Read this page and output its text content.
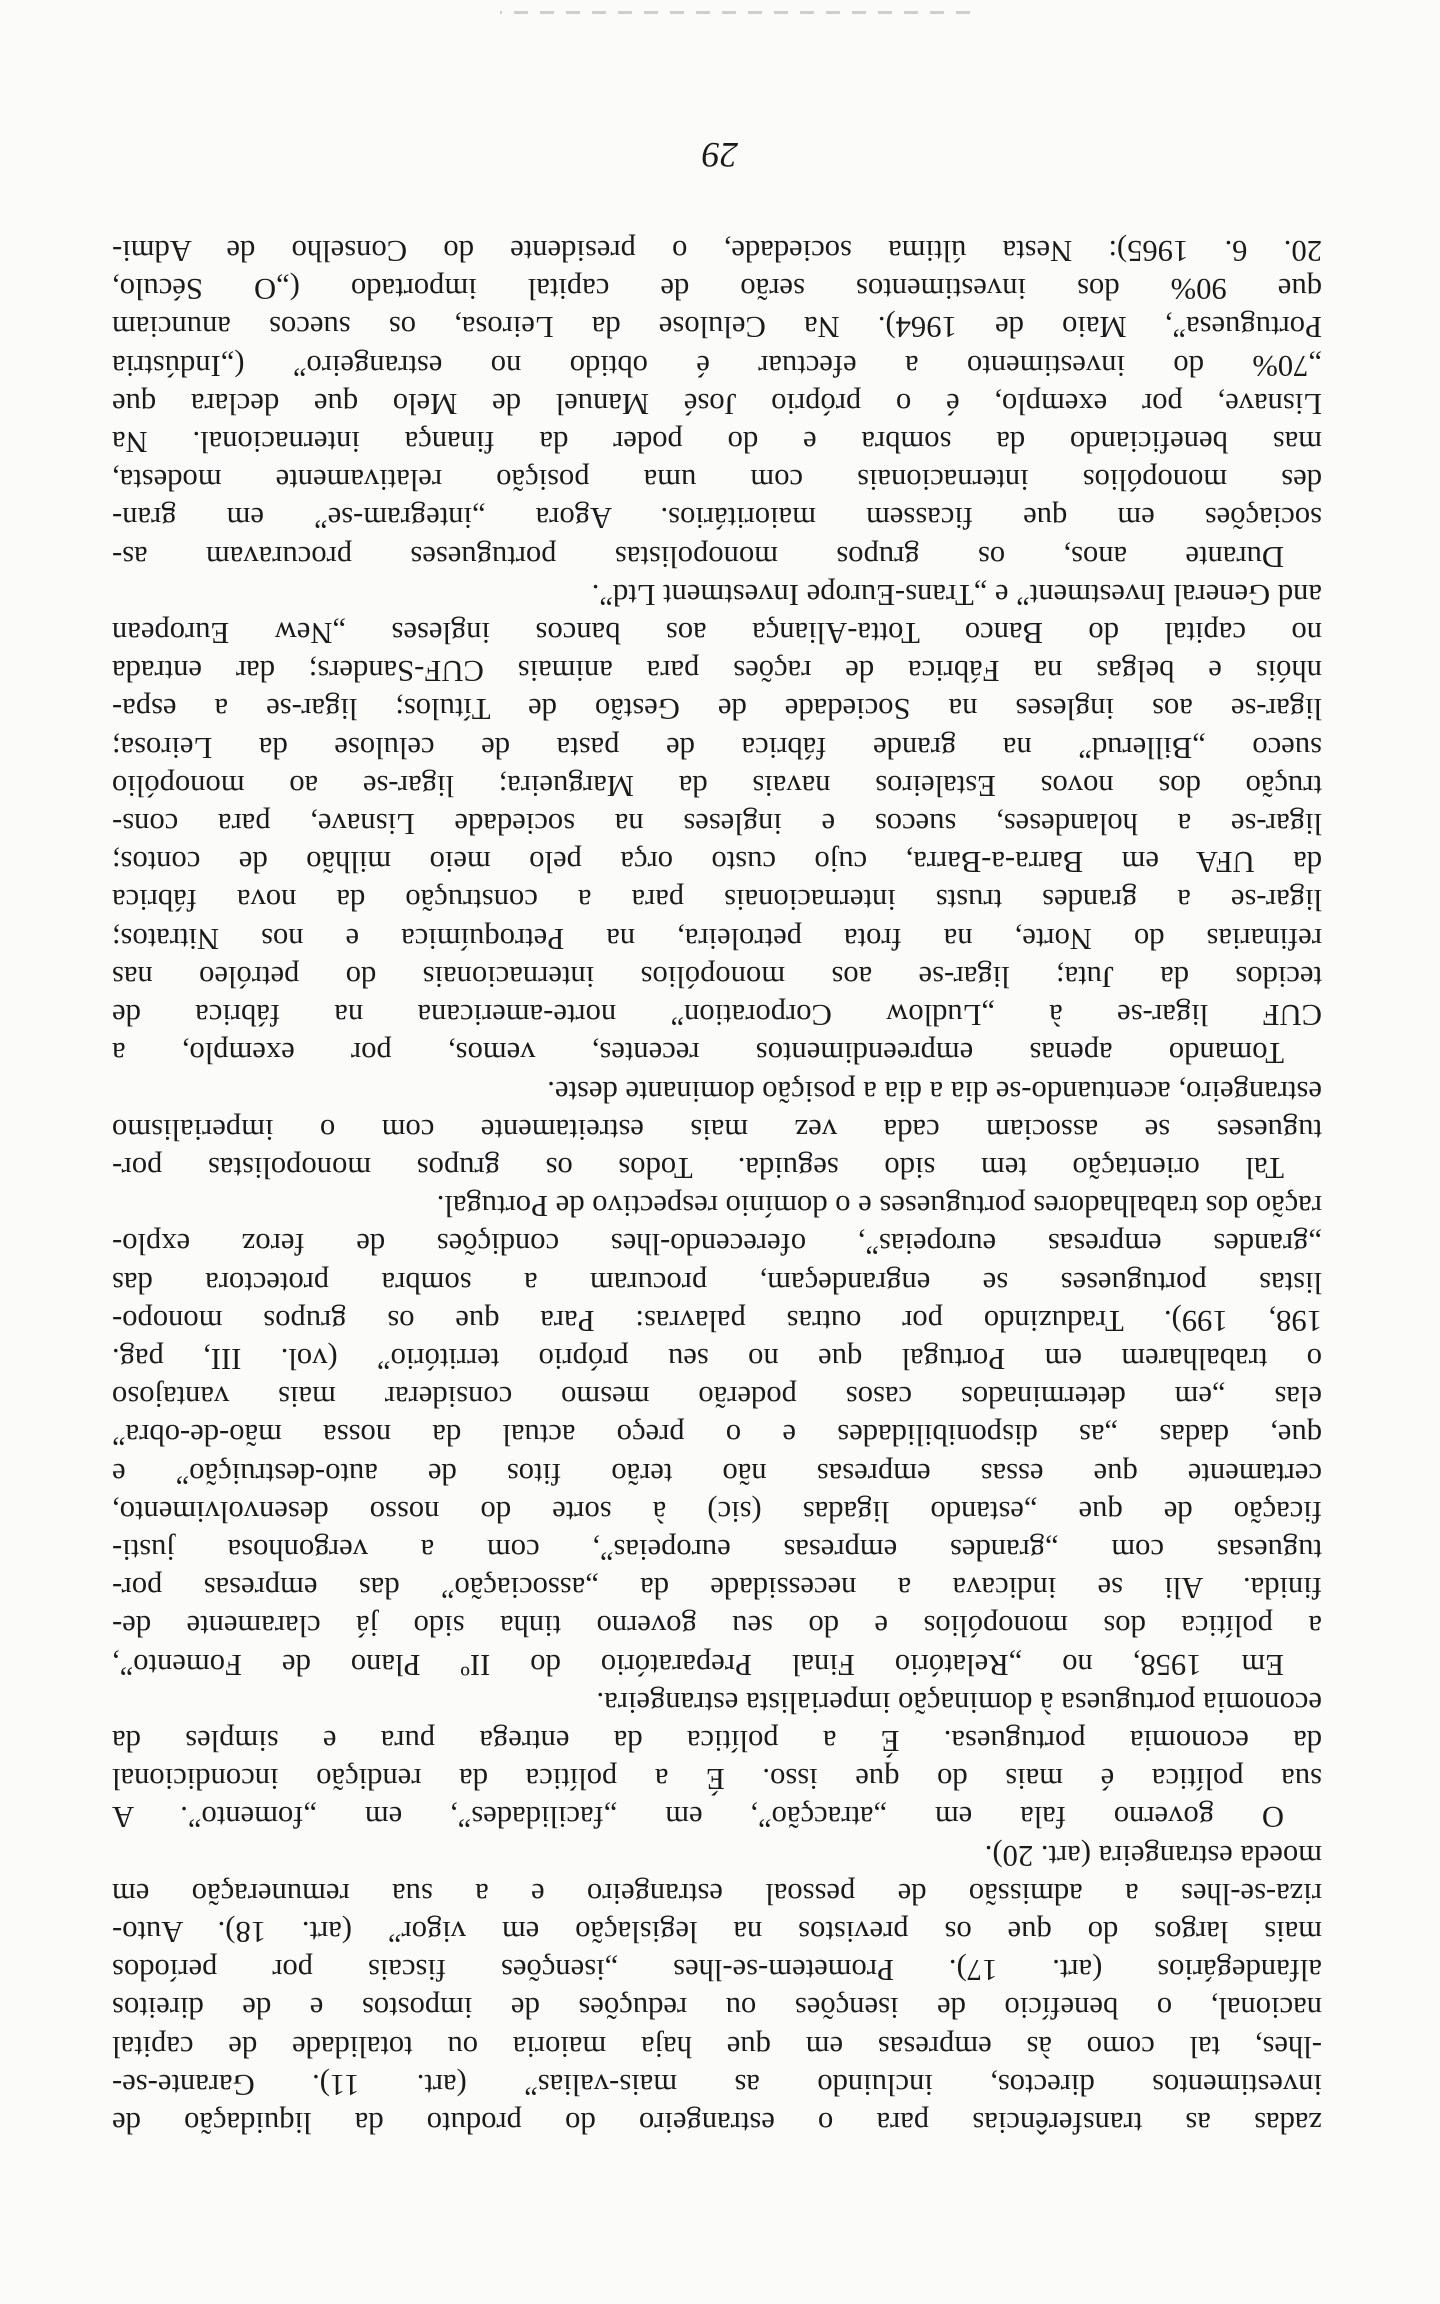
zadas as transferências para o estrangeiro do produto da liquidação de
investimentos directos, incluindo as mais-valias” (art. 11). Garante-se-
-lhes, tal como às empresas em que haja maioria ou totalidade de capital
nacional, o benefício de isenções ou reduções de impostos e de direitos
alfandegários (art. 17). Prometem-se-lhes „isenções fiscais por períodos
mais largos do que os previstos na legislação em vigor” (art. 18). Auto-
riza-se-lhes a admissão de pessoal estrangeiro e a sua remuneração em
moeda estrangeira (art. 20).
O governo fala em „atracção”, em „facilidades”, em „fomento”. A
sua política é mais do que isso. É a política da rendição incondicional
da economia portuguesa. É a política da entrega pura e simples da
economia portuguesa à dominação imperialista estrangeira.
Em 1958, no „Relatório Final Preparatório do IIº Plano de Fomento”,
a política dos monopólios e do seu governo tinha sido já claramente de-
finida. Ali se indicava a necessidade da „associação” das empresas por-
tuguesas com „grandes empresas europeias”, com a vergonhosa justi-
ficação de que „estando ligadas (sic) à sorte do nosso desenvolvimento,
certamente que essas empresas não terão fitos de auto-destruição” e
que, dadas „as disponibilidades e o preço actual da nossa mão-de-obra”
elas „em determinados casos poderão mesmo considerar mais vantajoso
o trabalharem em Portugal que no seu próprio território” (vol. III, pag.
198, 199). Traduzindo por outras palavras: Para que os grupos monopo-
listas portugueses se engrandeçam, procuram a sombra protectora das
„grandes empresas europeias”, oferecendo-lhes condições de feroz explo-
ração dos trabalhadores portugueses e o domínio respectivo de Portugal.
Tal orientação tem sido seguida. Todos os grupos monopolistas por-
tugueses se associam cada vez mais estreitamente com o imperialismo
estrangeiro, acentuando-se dia a dia a posição dominante deste.
Tomando apenas empreendimentos recentes, vemos, por exemplo, a
CUF ligar-se à „Ludlow Corporation” norte-americana na fábrica de
tecidos da Juta; ligar-se aos monopólios internacionais do petróleo nas
refinarias do Norte, na frota petroleira, na Petroquímica e nos Nitratos;
ligar-se a grandes trusts internacionais para a construção da nova fábrica
da UFA em Barra-a-Barra, cujo custo orça pelo meio milhão de contos;
ligar-se a holandeses, suecos e ingleses na sociedade Lisnave, para cons-
trução dos novos Estaleiros navais da Margueira; ligar-se ao monopólio
sueco „Billerud” na grande fábrica de pasta de celulose da Leirosa;
ligar-se aos ingleses na Sociedade de Gestão de Títulos; ligar-se a espa-
nhóis e belgas na Fábrica de rações para animais CUF-Sanders; dar entrada
no capital do Banco Totta-Aliança aos bancos ingleses „New European
and General Investment” e „Trans-Europe Investment Ltd”.
Durante anos, os grupos monopolistas portugueses procuravam as-
sociações em que ficassem maioritários. Agora „integram-se” em gran-
des monopólios internacionais com uma posição relativamente modesta,
mas beneficiando da sombra e do poder da finança internacional. Na
Lisnave, por exemplo, é o próprio José Manuel de Melo que declara que
„70% do investimento a efectuar é obtido no estrangeiro” („Indústria
Portuguesa”, Maio de 1964). Na Celulose da Leirosa, os suecos anunciam
que 90% dos investimentos serão de capital importado („O Século,
20. 6. 1965): Nesta última sociedade, o presidente do Conselho de Admi-
29
